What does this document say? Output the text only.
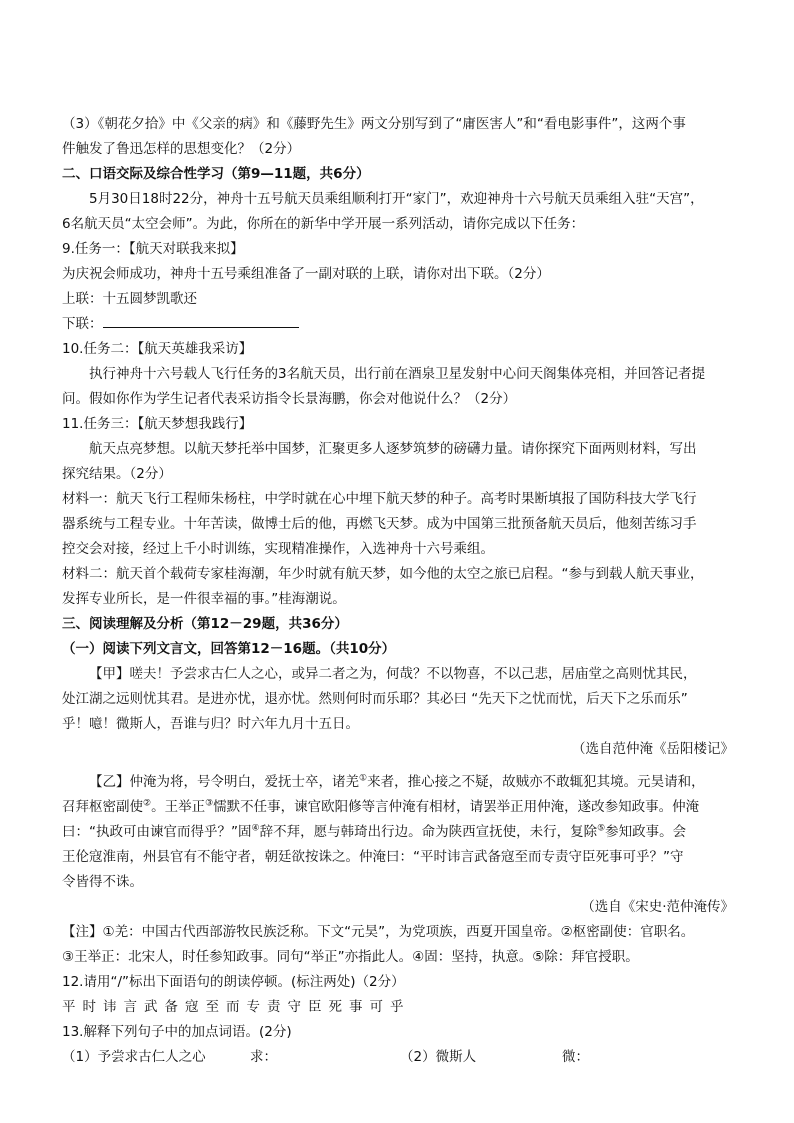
（3）《朝花夕拾》中《父亲的病》和《藤野先生》两文分别写到了“庸医害人”和“看电影事件”，这两个事

件触发了鲁迅怎样的思想变化？（2分）

二、口语交际及综合性学习（第9—11题，共6分）

5月30日18时22分，神舟十五号航天员乘组顺利打开“家门”，欢迎神舟十六号航天员乘组入驻“天宫”，

6名航天员“太空会师”。为此，你所在的新华中学开展一系列活动，请你完成以下任务：

9.任务一：【航天对联我来拟】

为庆祝会师成功，神舟十五号乘组准备了一副对联的上联，请你对出下联。（2分）

上联：十五圆梦凯歌还

下联：

10.任务二：【航天英雄我采访】

执行神舟十六号载人飞行任务的3名航天员，出行前在酒泉卫星发射中心问天阁集体亮相，并回答记者提

问。假如你作为学生记者代表采访指令长景海鹏，你会对他说什么？（2分）

11.任务三：【航天梦想我践行】

航天点亮梦想。以航天梦托举中国梦，汇聚更多人逐梦筑梦的磅礴力量。请你探究下面两则材料，写出

探究结果。（2分）

材料一：航天飞行工程师朱杨柱，中学时就在心中埋下航天梦的种子。高考时果断填报了国防科技大学飞行

器系统与工程专业。十年苦读，做博士后的他，再燃飞天梦。成为中国第三批预备航天员后，他刻苦练习手

控交会对接，经过上千小时训练，实现精准操作，入选神舟十六号乘组。

材料二：航天首个载荷专家桂海潮，年少时就有航天梦，如今他的太空之旅已启程。“参与到载人航天事业，

发挥专业所长，是一件很幸福的事。”桂海潮说。

三、阅读理解及分析（第12－29题，共36分）

（一）阅读下列文言文，回答第12－16题。（共10分）

【甲】嗟夫！予尝求古仁人之心，或异二者之为，何哉？不以物喜，不以己悲，居庙堂之高则忧其民，

处江湖之远则忧其君。是进亦忧，退亦忧。然则何时而乐耶？其必曰 “先天下之忧而忧，后天下之乐而乐”

乎！噫！微斯人，吾谁与归？时六年九月十五日。

（选自范仲淹《岳阳楼记》

【乙】仲淹为将，号令明白，爱抚士卒，诸羌①来者，推心接之不疑，故贼亦不敢辄犯其境。元昊请和，

召拜枢密副使②。王举正③懦默不任事，谏官欧阳修等言仲淹有相材，请罢举正用仲淹，遂改参知政事。仲淹

曰：“执政可由谏官而得乎？”固④辞不拜，愿与韩琦出行边。命为陕西宣抚使，未行，复除⑤参知政事。会

王伦寇淮南，州县官有不能守者，朝廷欲按诛之。仲淹曰：“平时讳言武备寇至而专责守臣死事可乎？”守

令皆得不诛。

（选自《宋史·范仲淹传》

【注】①羌：中国古代西部游牧民族泛称。下文“元昊”，为党项族，西夏开国皇帝。②枢密副使：官职名。

③王举正：北宋人，时任参知政事。同句“举正”亦指此人。④固：坚持，执意。⑤除：拜官授职。

12.请用“/”标出下面语句的朗读停顿。(标注两处)（2分）

平时讳言武备寇至而专责守臣死事可乎

13.解释下列句子中的加点词语。(2分)

（1）予尝求古仁人之心	求：	（2）微斯人	微：
